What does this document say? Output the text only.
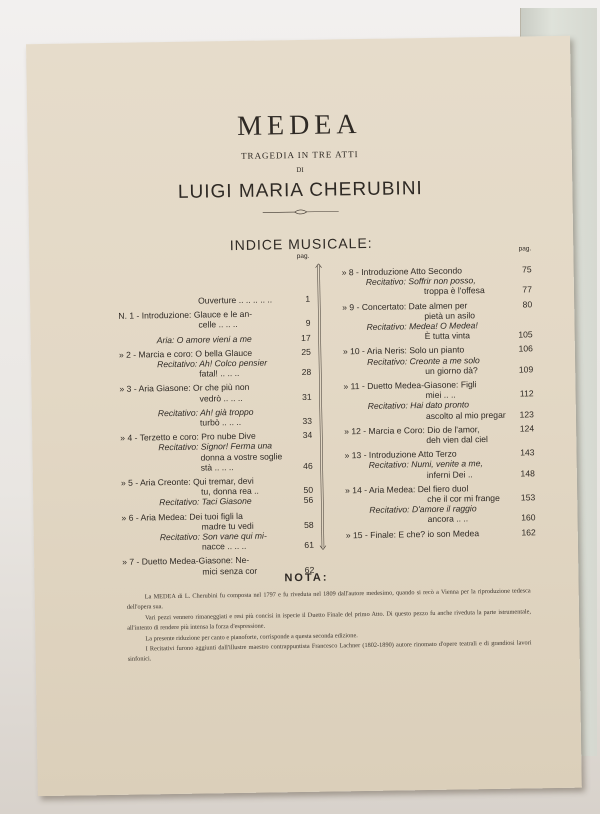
MEDEA
TRAGEDIA IN TRE ATTI
DI
LUIGI MARIA CHERUBINI
INDICE MUSICALE:
pag.
Ouverture .. .. .. .. ..	1
N. 1 - Introduzione: Glauce e le an-
celle .. .. ..	9
Aria: O amore vieni a me	17
» 2 - Marcia e coro: O bella Glauce	25
Recitativo: Ah! Colco pensier
fatal! .. .. ..	28
» 3 - Aria Giasone: Or che più non
vedrò .. .. ..	31
Recitativo: Ah! già troppo
turbò .. .. ..	33
» 4 - Terzetto e coro: Pro nube Dive	34
Recitativo: Signor! Ferma una
donna a vostre soglie
stà .. .. ..	46
» 5 - Aria Creonte: Qui tremar, devi
tu, donna rea ..	50
Recitativo: Taci Giasone	56
» 6 - Aria Medea: Dei tuoi figli la
madre tu vedi	58
Recitativo: Son vane qui mi-
nacce .. .. ..	61
» 7 - Duetto Medea-Giasone: Ne-
mici senza cor	62
pag.
» 8 - Introduzione Atto Secondo	75
Recitativo: Soffrir non posso,
troppa è l'offesa	77
» 9 - Concertato: Date almen per	80
pietà un asilo
Recitativo: Medea! O Medea!
È tutta vinta	105
» 10 - Aria Neris: Solo un pianto	106
Recitativo: Creonte a me solo
un giorno dà?	109
» 11 - Duetto Medea-Giasone: Figli
miei .. ..	112
Recitativo: Hai dato pronto
ascolto al mio pregar 123
» 12 - Marcia e Coro: Dio de l'amor,	124
deh vien dal ciel
» 13 - Introduzione Atto Terzo	143
Recitativo: Numi, venite a me,
inferni Dei ..	148
» 14 - Aria Medea: Del fiero duol
che il cor mi frange 153
Recitativo: D'amore il raggio
ancora .. ..	160
» 15 - Finale: E che? io son Medea	162
NOTA:

La MEDEA di L. Cherubini fu composta nel 1797 e fu riveduta nel 1809 dall'autore medesimo, quando si recò a Vienna per la riproduzione tedesca dell'opera sua.

Vari pezzi vennero rimaneggiati e resi più concisi in ispecie il Duetto Finale del primo Atto. Di questo pezzo fu anche riveduta la parte istrumentale, all'intento di rendere più intensa la forza d'espressione.

La presente riduzione per canto e pianoforte, corrisponde a questa seconda edizione.

I Recitativi furono aggiunti dall'illustre maestro contrappuntista Francesco Lachner (1802-1890) autore rinomato d'opere teatrali e di grandiosi lavori sinfonici.
